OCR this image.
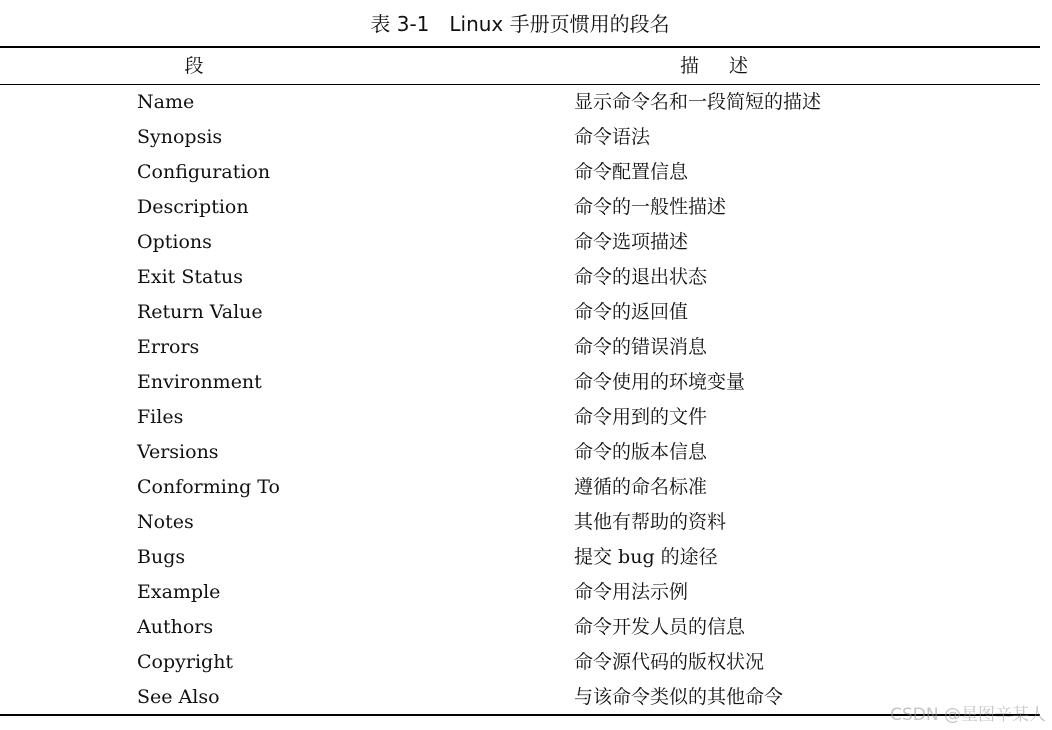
表 3-1　Linux 手册页惯用的段名
段	描述
Name	显示命令名和一段简短的描述
Synopsis	命令语法
Configuration	命令配置信息
Description	命令的一般性描述
Options	命令选项描述
Exit Status	命令的退出状态
Return Value	命令的返回值
Errors	命令的错误消息
Environment	命令使用的环境变量
Files	命令用到的文件
Versions	命令的版本信息
Conforming To	遵循的命名标准
Notes	其他有帮助的资料
Bugs	提交 bug 的途径
Example	命令用法示例
Authors	命令开发人员的信息
Copyright	命令源代码的版权状况
See Also	与该命令类似的其他命令
CSDN @星图辛某人
